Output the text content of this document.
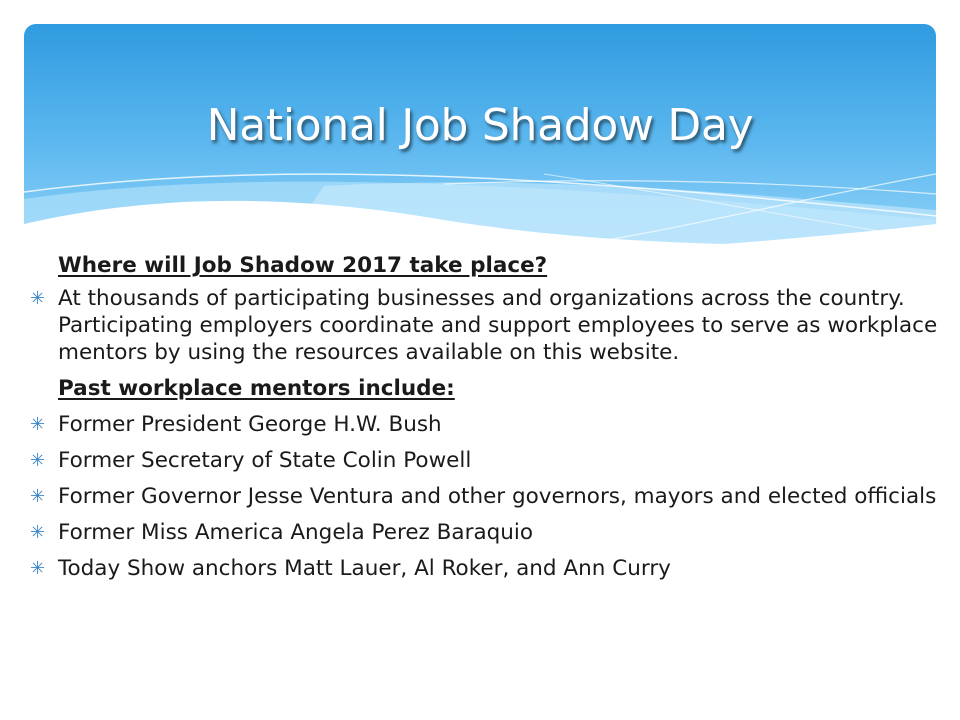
National Job Shadow Day
Where will Job Shadow 2017 take place?
✳ At thousands of participating businesses and organizations across the country. Participating employers coordinate and support employees to serve as workplace mentors by using the resources available on this website.
Past workplace mentors include:
✳ Former President George H.W. Bush
✳ Former Secretary of State Colin Powell
✳ Former Governor Jesse Ventura and other governors, mayors and elected officials
✳ Former Miss America Angela Perez Baraquio
✳ Today Show anchors Matt Lauer, Al Roker, and Ann Curry
